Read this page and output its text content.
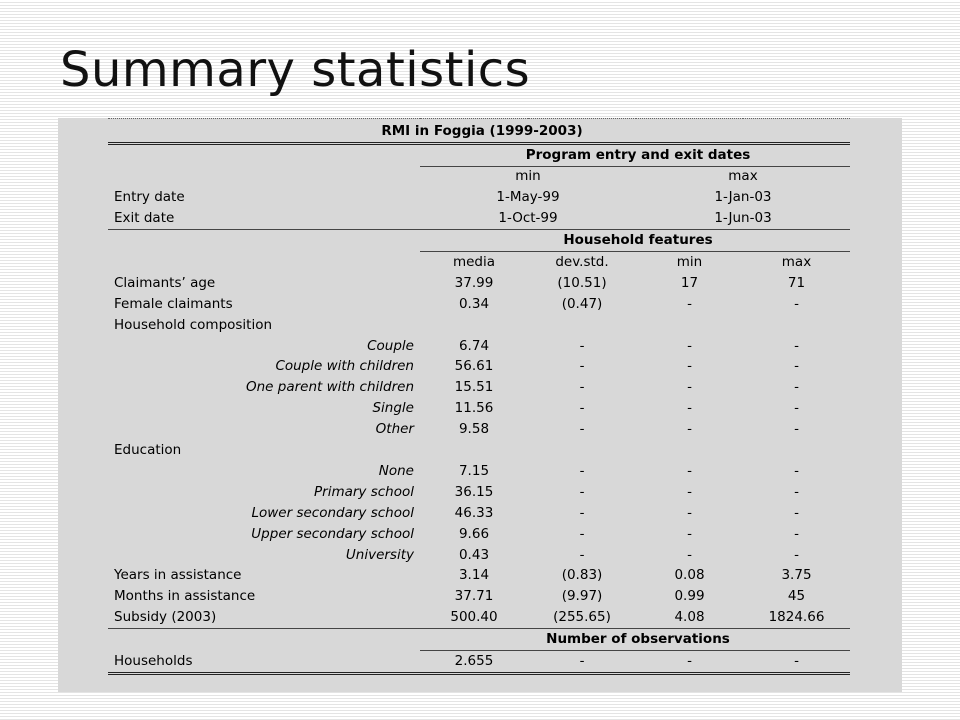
Summary statistics

RMI in Foggia (1999-2003)				
	Program entry and exit dates			
	min		max	
Entry date	1-May-99		1-Jan-03	
Exit date	1-Oct-99		1-Jun-03	
	Household features			
	media	dev.std.	min	max
Claimants’ age	37.99	(10.51)	17	71
Female claimants	0.34	(0.47)	-	-
Household composition				
Couple	6.74	-	-	-
Couple with children	56.61	-	-	-
One parent with children	15.51	-	-	-
Single	11.56	-	-	-
Other	9.58	-	-	-
Education				
None	7.15	-	-	-
Primary school	36.15	-	-	-
Lower secondary school	46.33	-	-	-
Upper secondary school	9.66	-	-	-
University	0.43	-	-	-
Years in assistance	3.14	(0.83)	0.08	3.75
Months in assistance	37.71	(9.97)	0.99	45
Subsidy (2003)	500.40	(255.65)	4.08	1824.66
	Number of observations			
Households	2.655	-	-	-
